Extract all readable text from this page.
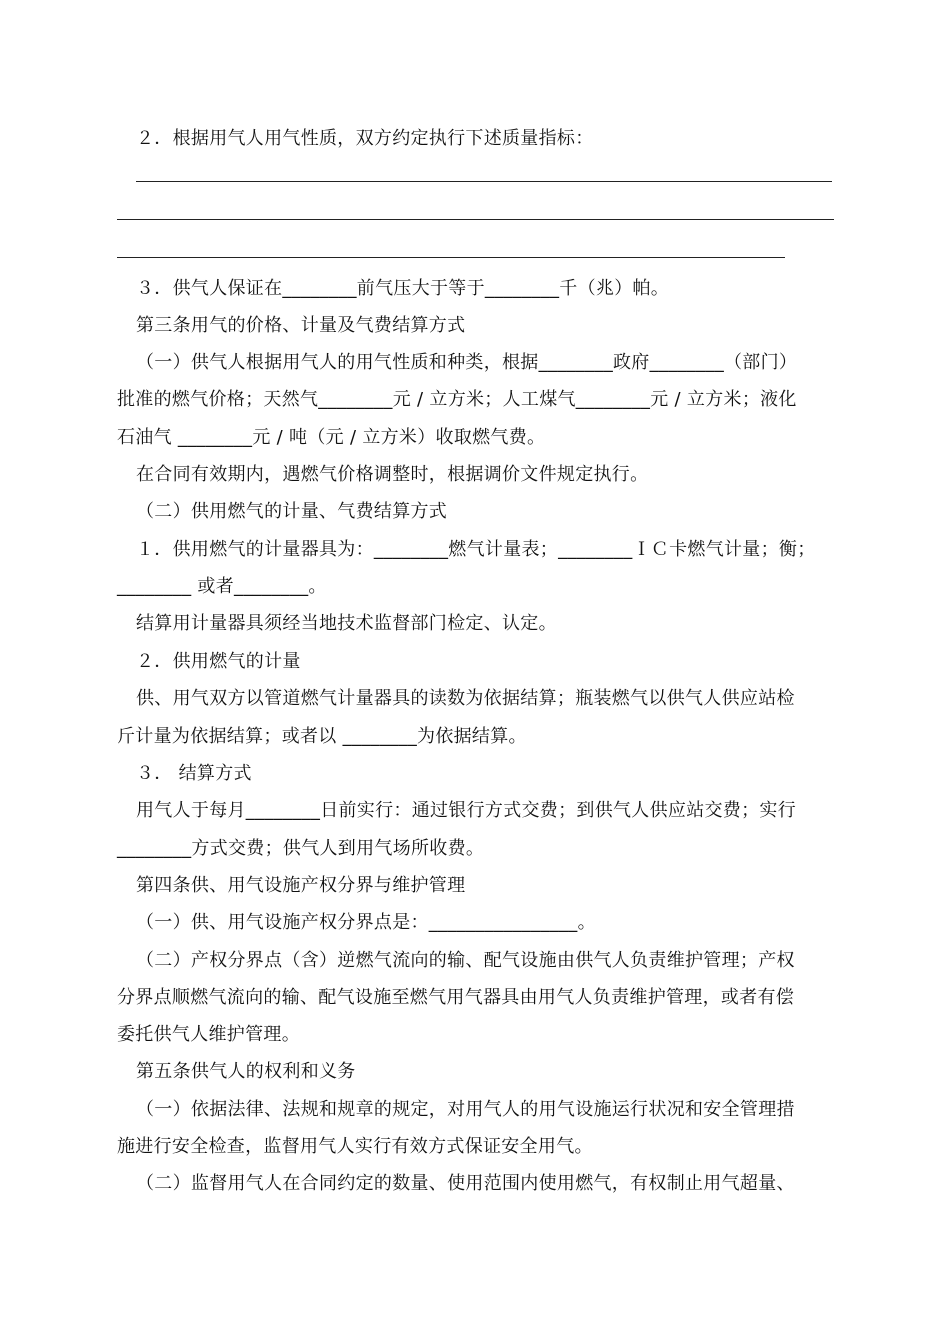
２．根据用气人用气性质，双方约定执行下述质量指标：
３．供气人保证在________前气压大于等于________千（兆）帕。
第三条用气的价格、计量及气费结算方式
（一）供气人根据用气人的用气性质和种类，根据________政府________（部门）
批准的燃气价格；天然气________元 / 立方米；人工煤气________元 / 立方米；液化
石油气 ________元 / 吨（元 / 立方米）收取燃气费。
在合同有效期内，遇燃气价格调整时，根据调价文件规定执行。
（二）供用燃气的计量、气费结算方式
１．供用燃气的计量器具为：________燃气计量表；________ＩＣ卡燃气计量；衡；
________ 或者________。
结算用计量器具须经当地技术监督部门检定、认定。
２．供用燃气的计量
供、用气双方以管道燃气计量器具的读数为依据结算；瓶装燃气以供气人供应站检
斤计量为依据结算；或者以 ________为依据结算。
３． 结算方式
用气人于每月________日前实行：通过银行方式交费；到供气人供应站交费；实行
________方式交费；供气人到用气场所收费。
第四条供、用气设施产权分界与维护管理
（一）供、用气设施产权分界点是：________________。
（二）产权分界点（含）逆燃气流向的输、配气设施由供气人负责维护管理；产权
分界点顺燃气流向的输、配气设施至燃气用气器具由用气人负责维护管理，或者有偿
委托供气人维护管理。
第五条供气人的权利和义务
（一）依据法律、法规和规章的规定，对用气人的用气设施运行状况和安全管理措
施进行安全检查，监督用气人实行有效方式保证安全用气。
（二）监督用气人在合同约定的数量、使用范围内使用燃气，有权制止用气超量、
